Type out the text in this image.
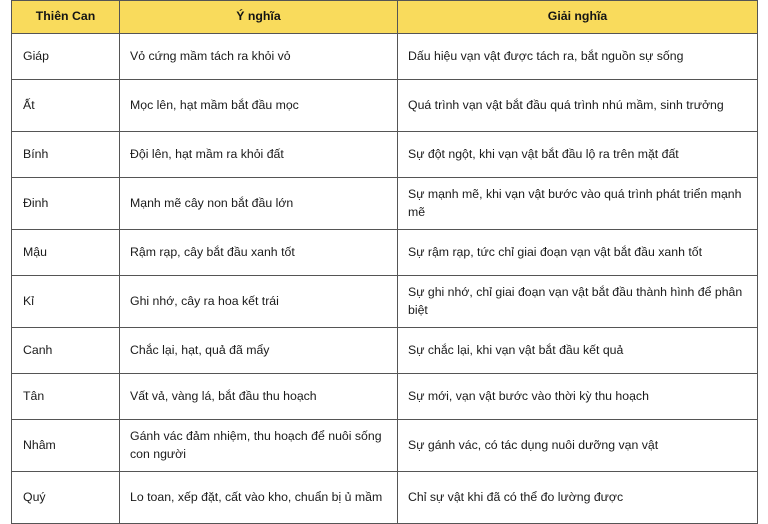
Thiên Can	Ý nghĩa	Giải nghĩa
Giáp	Vỏ cứng mầm tách ra khỏi vỏ	Dấu hiệu vạn vật được tách ra, bắt nguồn sự sống
Ất	Mọc lên, hạt mầm bắt đầu mọc	Quá trình vạn vật bắt đầu quá trình nhú mầm, sinh trưởng
Bính	Đội lên, hạt mầm ra khỏi đất	Sự đột ngột, khi vạn vật bắt đầu lộ ra trên mặt đất
Đinh	Mạnh mẽ cây non bắt đầu lớn	Sự mạnh mẽ, khi vạn vật bước vào quá trình phát triển mạnh mẽ
Mậu	Rậm rạp, cây bắt đầu xanh tốt	Sự rậm rạp, tức chỉ giai đoạn vạn vật bắt đầu xanh tốt
Kỉ	Ghi nhớ, cây ra hoa kết trái	Sự ghi nhớ, chỉ giai đoạn vạn vật bắt đầu thành hình để phân biệt
Canh	Chắc lại, hạt, quả đã mẩy	Sự chắc lại, khi vạn vật bắt đầu kết quả
Tân	Vất vả, vàng lá, bắt đầu thu hoạch	Sự mới, vạn vật bước vào thời kỳ thu hoạch
Nhâm	Gánh vác đảm nhiệm, thu hoạch để nuôi sống con người	Sự gánh vác, có tác dụng nuôi dưỡng vạn vật
Quý	Lo toan, xếp đặt, cất vào kho, chuẩn bị ủ mầm	Chỉ sự vật khi đã có thể đo lường được
